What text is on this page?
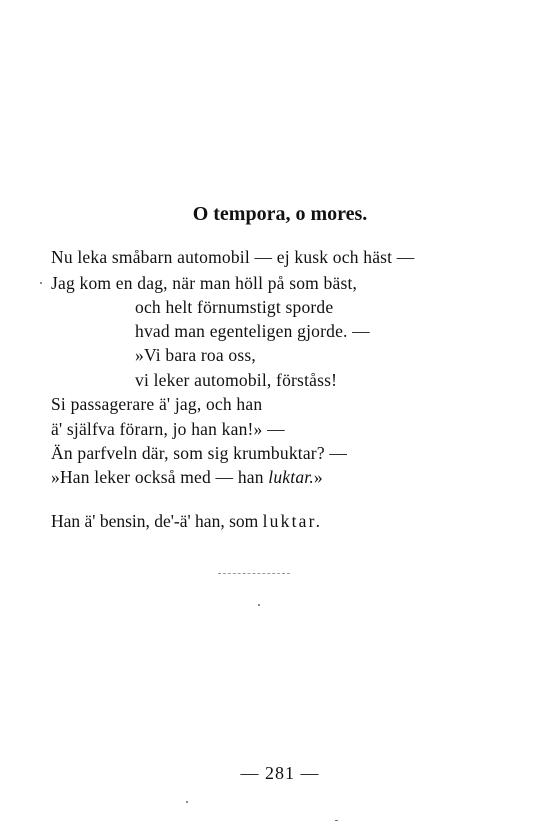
O tempora, o mores.
Nu leka småbarn automobil — ej kusk och häst —
Jag kom en dag, när man höll på som bäst,
och helt förnumstigt sporde
hvad man egenteligen gjorde. —
»Vi bara roa oss,
vi leker automobil, förståss!
Si passagerare ä' jag, och han
ä' själfva förarn, jo han kan!» —
Än parfveln där, som sig krumbuktar? —
»Han leker också med — han luktar.»
Han ä' bensin, de'-ä' han, som luktar.
— 281 —
